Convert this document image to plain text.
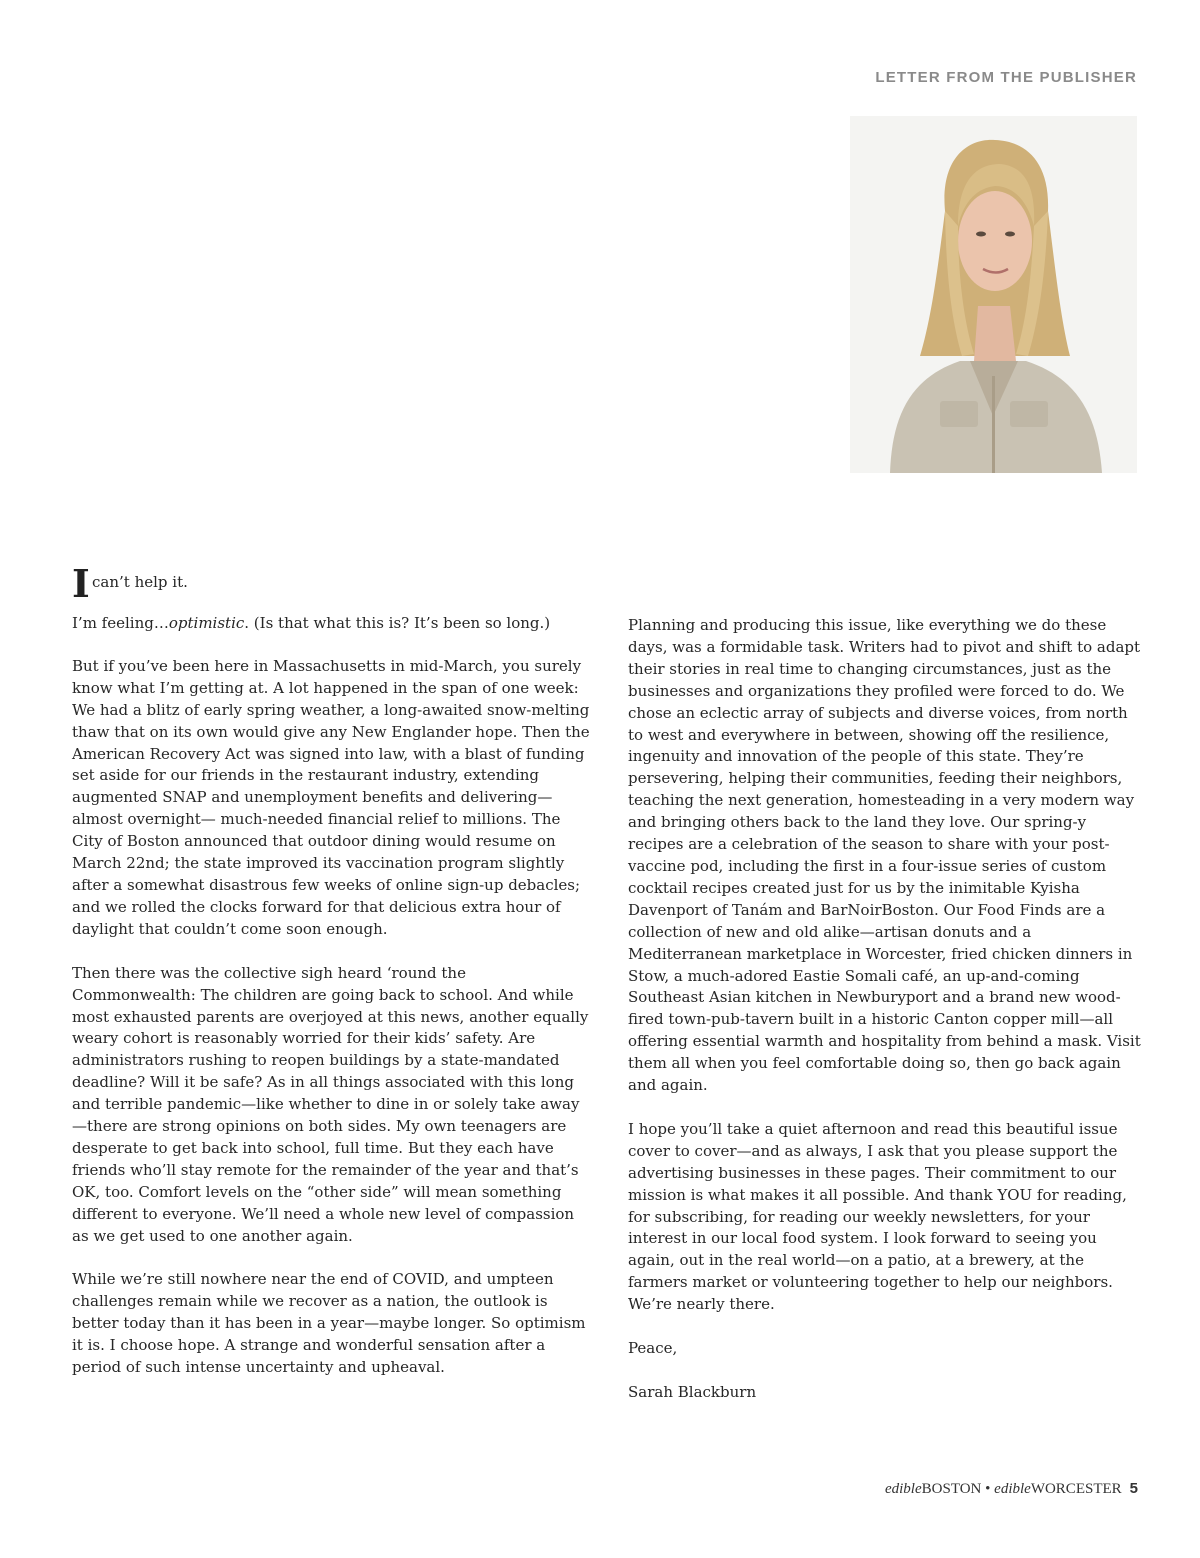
LETTER FROM THE PUBLISHER
I can’t help it.

I’m feeling…optimistic. (Is that what this is? It’s been so long.)

But if you’ve been here in Massachusetts in mid-March, you surely know what I’m getting at. A lot happened in the span of one week: We had a blitz of early spring weather, a long-awaited snow-melting thaw that on its own would give any New Englander hope. Then the American Recovery Act was signed into law, with a blast of funding set aside for our friends in the restaurant industry, extending augmented SNAP and unemployment benefits and delivering— almost overnight— much-needed financial relief to millions. The City of Boston announced that outdoor dining would resume on March 22nd; the state improved its vaccination program slightly after a somewhat disastrous few weeks of online sign-up debacles; and we rolled the clocks forward for that delicious extra hour of daylight that couldn’t come soon enough.

Then there was the collective sigh heard ‘round the Commonwealth: The children are going back to school. And while most exhausted parents are overjoyed at this news, another equally weary cohort is reasonably worried for their kids’ safety. Are administrators rushing to reopen buildings by a state-mandated deadline? Will it be safe? As in all things associated with this long and terrible pandemic—like whether to dine in or solely take away—there are strong opinions on both sides. My own teenagers are desperate to get back into school, full time. But they each have friends who’ll stay remote for the remainder of the year and that’s OK, too. Comfort levels on the “other side” will mean something different to everyone. We’ll need a whole new level of compassion as we get used to one another again.

While we’re still nowhere near the end of COVID, and umpteen challenges remain while we recover as a nation, the outlook is better today than it has been in a year—maybe longer. So optimism it is. I choose hope. A strange and wonderful sensation after a period of such intense uncertainty and upheaval.

Planning and producing this issue, like everything we do these days, was a formidable task. Writers had to pivot and shift to adapt their stories in real time to changing circumstances, just as the businesses and organizations they profiled were forced to do. We chose an eclectic array of subjects and diverse voices, from north to west and everywhere in between, showing off the resilience, ingenuity and innovation of the people of this state. They’re persevering, helping their communities, feeding their neighbors, teaching the next generation, homesteading in a very modern way and bringing others back to the land they love. Our spring-y recipes are a celebration of the season to share with your post-vaccine pod, including the first in a four-issue series of custom cocktail recipes created just for us by the inimitable Kyisha Davenport of Tanám and BarNoirBoston. Our Food Finds are a collection of new and old alike—artisan donuts and a Mediterranean marketplace in Worcester, fried chicken dinners in Stow, a much-adored Eastie Somali café, an up-and-coming Southeast Asian kitchen in Newburyport and a brand new wood-fired town-pub-tavern built in a historic Canton copper mill—all offering essential warmth and hospitality from behind a mask. Visit them all when you feel comfortable doing so, then go back again and again.

I hope you’ll take a quiet afternoon and read this beautiful issue cover to cover—and as always, I ask that you please support the advertising businesses in these pages. Their commitment to our mission is what makes it all possible. And thank YOU for reading, for subscribing, for reading our weekly newsletters, for your interest in our local food system. I look forward to seeing you again, out in the real world—on a patio, at a brewery, at the farmers market or volunteering together to help our neighbors. We’re nearly there.

Peace,

Sarah Blackburn

edibleBOSTON • edibleWORCESTER 5
